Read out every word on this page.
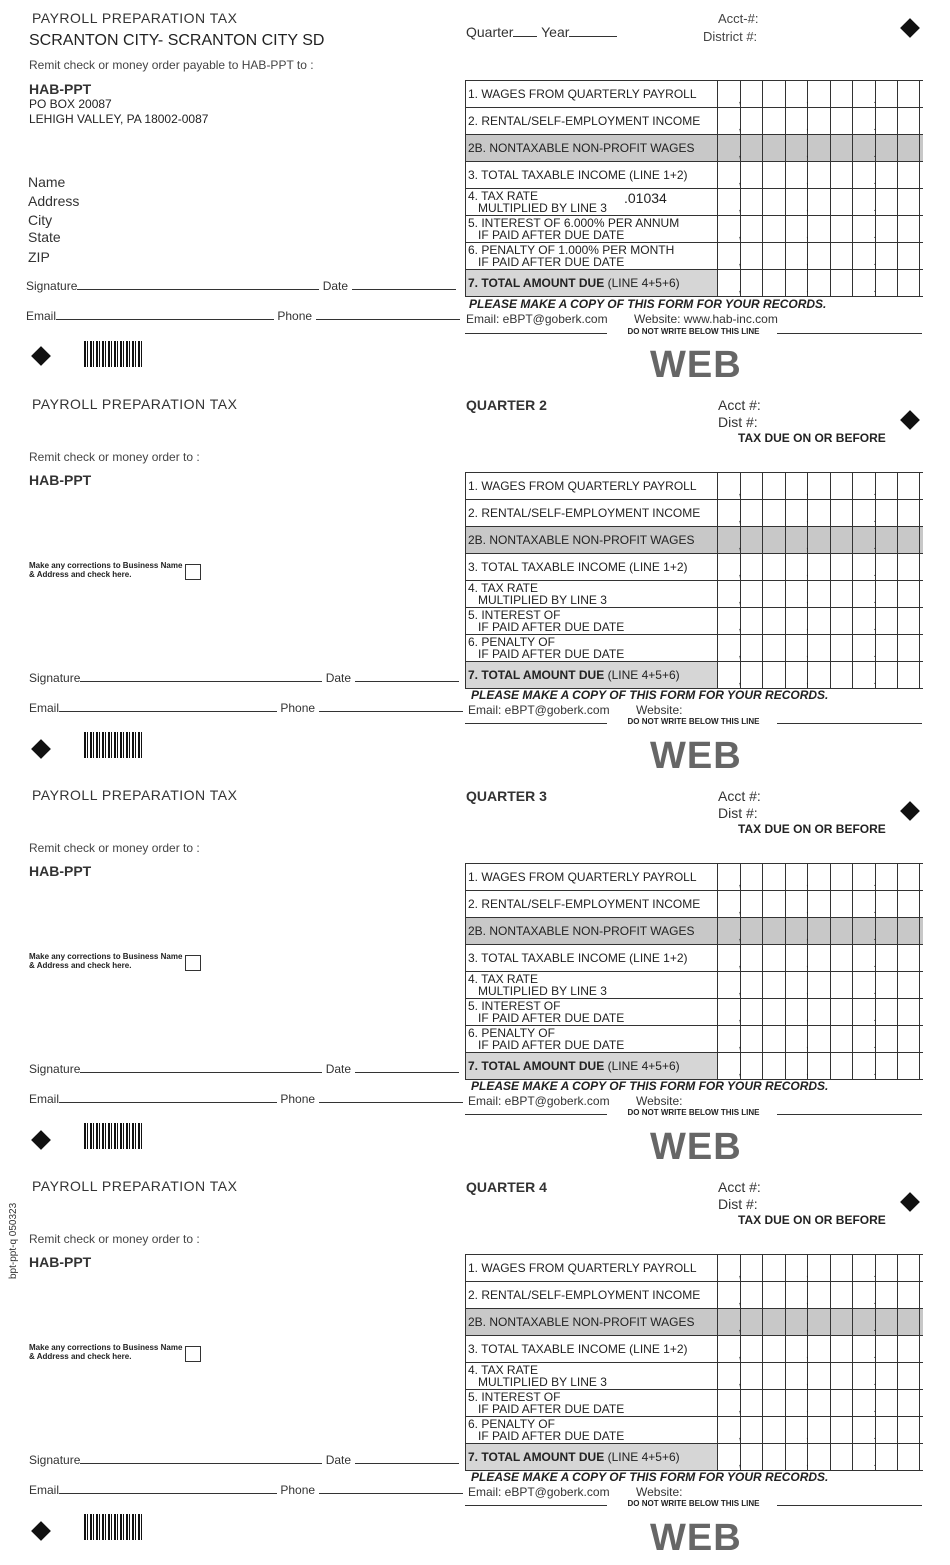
PAYROLL PREPARATION TAX
SCRANTON CITY- SCRANTON CITY SD
Remit check or money order payable to HAB-PPT to :
HAB-PPT
PO BOX 20087
LEHIGH VALLEY, PA 18002-0087
Name
Address
City
State
ZIP
Signature	Date
Email	Phone
Quarter Year
Acct-#:
District #:
1. WAGES FROM QUARTERLY PAYROLL	,	,	.
2. RENTAL/SELF-EMPLOYMENT INCOME	,	,	.
2B. NONTAXABLE NON-PROFIT WAGES	,	,	.
3. TOTAL TAXABLE INCOME (LINE 1+2)	,	,	.
4. TAX RATE
MULTIPLIED BY LINE 3
.01034
,	,	.
5. INTEREST OF 6.000% PER ANNUM
IF PAID AFTER DUE DATE	,	,	.
6. PENALTY OF 1.000% PER MONTH
IF PAID AFTER DUE DATE	,	,	.
7. TOTAL AMOUNT DUE (LINE 4+5+6)	,	,	.
PLEASE MAKE A COPY OF THIS FORM FOR YOUR RECORDS.
Email: eBPT@goberk.com Website: www.hab-inc.com
DO NOT WRITE BELOW THIS LINE
WEB
PAYROLL PREPARATION TAX
Remit check or money order to :
HAB-PPT
Make any corrections to Business Name & Address and check here.
Signature	Date
Email	Phone
QUARTER 2	Acct #:
Dist #:
TAX DUE ON OR BEFORE
1. WAGES FROM QUARTERLY PAYROLL	,	,	.
2. RENTAL/SELF-EMPLOYMENT INCOME	,	,	.
2B. NONTAXABLE NON-PROFIT WAGES	,	,	.
3. TOTAL TAXABLE INCOME (LINE 1+2)	,	,	.
4. TAX RATE
MULTIPLIED BY LINE 3	,	,	.
5. INTEREST OF
IF PAID AFTER DUE DATE	,	,	.
6. PENALTY OF
IF PAID AFTER DUE DATE	,	,	.
7. TOTAL AMOUNT DUE (LINE 4+5+6)	,	,	.
PLEASE MAKE A COPY OF THIS FORM FOR YOUR RECORDS.
Email: eBPT@goberk.com Website:
DO NOT WRITE BELOW THIS LINE
WEB
PAYROLL PREPARATION TAX
Remit check or money order to :
HAB-PPT
Make any corrections to Business Name & Address and check here.
Signature	Date
Email	Phone
QUARTER 3	Acct #:
Dist #:
TAX DUE ON OR BEFORE
1. WAGES FROM QUARTERLY PAYROLL	,	,	.
2. RENTAL/SELF-EMPLOYMENT INCOME	,	,	.
2B. NONTAXABLE NON-PROFIT WAGES	,	,	.
3. TOTAL TAXABLE INCOME (LINE 1+2)	,	,	.
4. TAX RATE
MULTIPLIED BY LINE 3	,	,	.
5. INTEREST OF
IF PAID AFTER DUE DATE	,	,	.
6. PENALTY OF
IF PAID AFTER DUE DATE	,	,	.
7. TOTAL AMOUNT DUE (LINE 4+5+6)	,	,	.
PLEASE MAKE A COPY OF THIS FORM FOR YOUR RECORDS.
Email: eBPT@goberk.com Website:
DO NOT WRITE BELOW THIS LINE
WEB
PAYROLL PREPARATION TAX
Remit check or money order to :
HAB-PPT
Make any corrections to Business Name & Address and check here.
Signature	Date
Email	Phone
QUARTER 4	Acct #:
Dist #:
TAX DUE ON OR BEFORE
1. WAGES FROM QUARTERLY PAYROLL	,	,	.
2. RENTAL/SELF-EMPLOYMENT INCOME	,	,	.
2B. NONTAXABLE NON-PROFIT WAGES	,	,	.
3. TOTAL TAXABLE INCOME (LINE 1+2)	,	,	.
4. TAX RATE
MULTIPLIED BY LINE 3	,	,	.
5. INTEREST OF
IF PAID AFTER DUE DATE	,	,	.
6. PENALTY OF
IF PAID AFTER DUE DATE	,	,	.
7. TOTAL AMOUNT DUE (LINE 4+5+6)	,	,	.
PLEASE MAKE A COPY OF THIS FORM FOR YOUR RECORDS.
Email: eBPT@goberk.com Website:
DO NOT WRITE BELOW THIS LINE
WEB
bpt-ppt-q 050323
